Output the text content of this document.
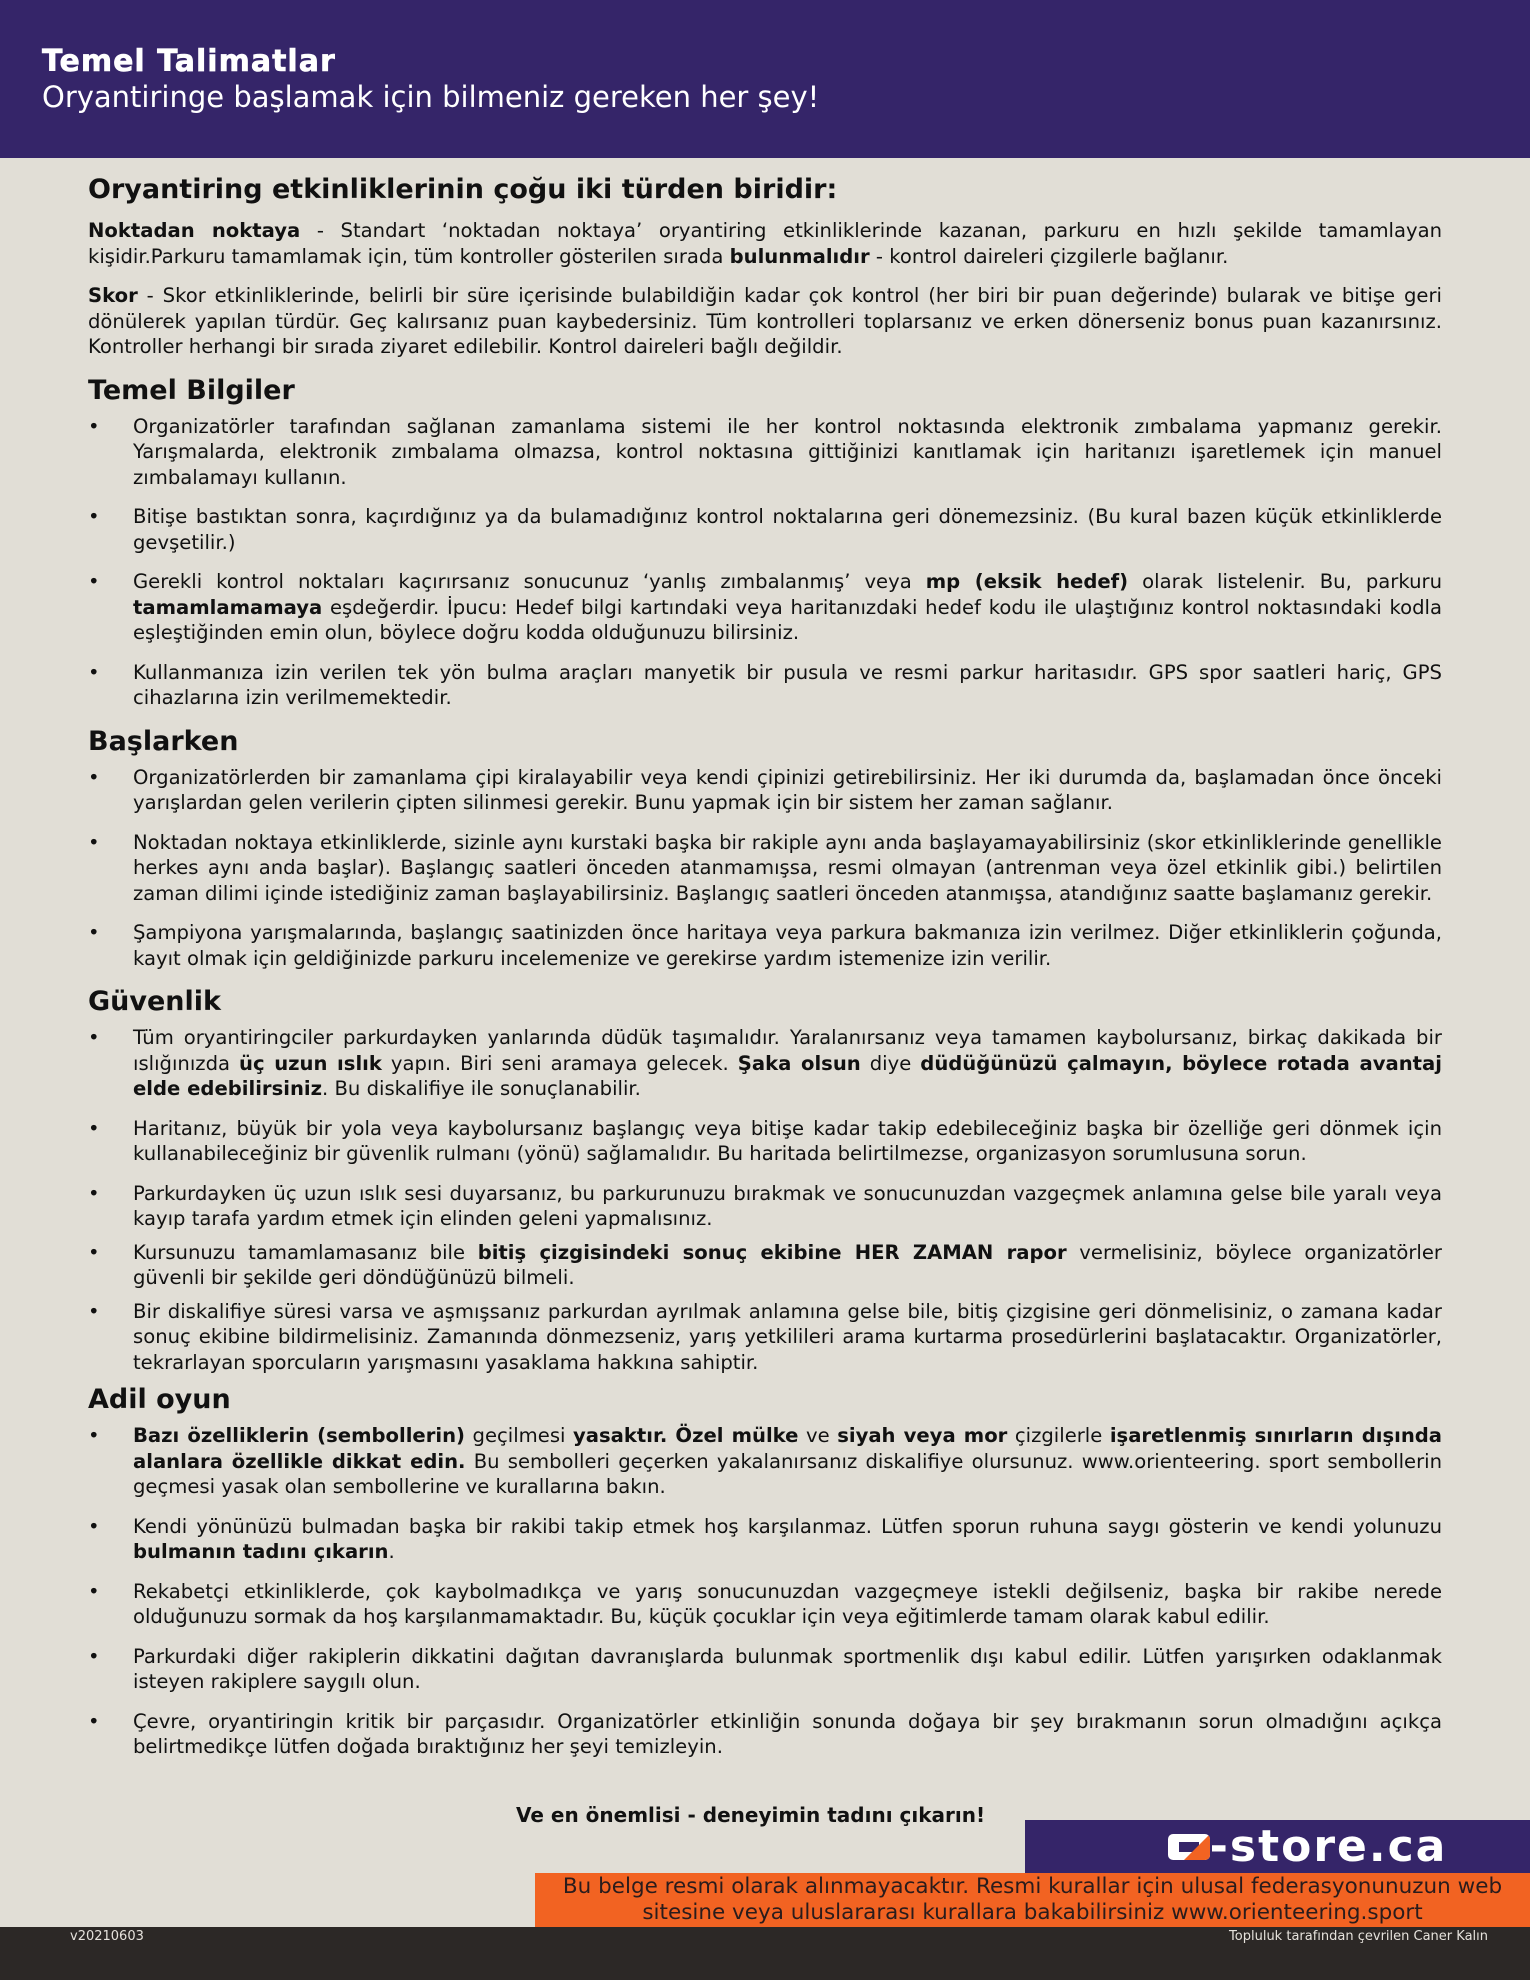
Temel Talimatlar
Oryantiringe başlamak için bilmeniz gereken her şey!
Oryantiring etkinliklerinin çoğu iki türden biridir:

Noktadan noktaya - Standart ‘noktadan noktaya’ oryantiring etkinliklerinde kazanan, parkuru en hızlı şekilde tamamlayan kişidir.Parkuru tamamlamak için, tüm kontroller gösterilen sırada bulunmalıdır - kontrol daireleri çizgilerle bağlanır.

Skor - Skor etkinliklerinde, belirli bir süre içerisinde bulabildiğin kadar çok kontrol (her biri bir puan değerinde) bularak ve bitişe geri dönülerek yapılan türdür. Geç kalırsanız puan kaybedersiniz. Tüm kontrolleri toplarsanız ve erken dönerseniz bonus puan kazanırsınız. Kontroller herhangi bir sırada ziyaret edilebilir. Kontrol daireleri bağlı değildir.

Temel Bilgiler
• Organizatörler tarafından sağlanan zamanlama sistemi ile her kontrol noktasında elektronik zımbalama yapmanız gerekir. Yarışmalarda, elektronik zımbalama olmazsa, kontrol noktasına gittiğinizi kanıtlamak için haritanızı işaretlemek için manuel zımbalamayı kullanın.
• Bitişe bastıktan sonra, kaçırdığınız ya da bulamadığınız kontrol noktalarına geri dönemezsiniz. (Bu kural bazen küçük etkinliklerde gevşetilir.)
• Gerekli kontrol noktaları kaçırırsanız sonucunuz ‘yanlış zımbalanmış’ veya mp (eksik hedef) olarak listelenir. Bu, parkuru tamamlamamaya eşdeğerdir. İpucu: Hedef bilgi kartındaki veya haritanızdaki hedef kodu ile ulaştığınız kontrol noktasındaki kodla eşleştiğinden emin olun, böylece doğru kodda olduğunuzu bilirsiniz.
• Kullanmanıza izin verilen tek yön bulma araçları manyetik bir pusula ve resmi parkur haritasıdır. GPS spor saatleri hariç, GPS cihazlarına izin verilmemektedir.
Başlarken
• Organizatörlerden bir zamanlama çipi kiralayabilir veya kendi çipinizi getirebilirsiniz. Her iki durumda da, başlamadan önce önceki yarışlardan gelen verilerin çipten silinmesi gerekir. Bunu yapmak için bir sistem her zaman sağlanır.
• Noktadan noktaya etkinliklerde, sizinle aynı kurstaki başka bir rakiple aynı anda başlayamayabilirsiniz (skor etkinliklerinde genellikle herkes aynı anda başlar). Başlangıç saatleri önceden atanmamışsa, resmi olmayan (antrenman veya özel etkinlik gibi.) belirtilen zaman dilimi içinde istediğiniz zaman başlayabilirsiniz. Başlangıç saatleri önceden atanmışsa, atandığınız saatte başlamanız gerekir.
• Şampiyona yarışmalarında, başlangıç saatinizden önce haritaya veya parkura bakmanıza izin verilmez. Diğer etkinliklerin çoğunda, kayıt olmak için geldiğinizde parkuru incelemenize ve gerekirse yardım istemenize izin verilir.
Güvenlik
• Tüm oryantiringciler parkurdayken yanlarında düdük taşımalıdır. Yaralanırsanız veya tamamen kaybolursanız, birkaç dakikada bir ıslığınızda üç uzun ıslık yapın. Biri seni aramaya gelecek. Şaka olsun diye düdüğünüzü çalmayın, böylece rotada avantaj elde edebilirsiniz. Bu diskalifiye ile sonuçlanabilir.
• Haritanız, büyük bir yola veya kaybolursanız başlangıç veya bitişe kadar takip edebileceğiniz başka bir özelliğe geri dönmek için kullanabileceğiniz bir güvenlik rulmanı (yönü) sağlamalıdır. Bu haritada belirtilmezse, organizasyon sorumlusuna sorun.
• Parkurdayken üç uzun ıslık sesi duyarsanız, bu parkurunuzu bırakmak ve sonucunuzdan vazgeçmek anlamına gelse bile yaralı veya kayıp tarafa yardım etmek için elinden geleni yapmalısınız.
• Kursunuzu tamamlamasanız bile bitiş çizgisindeki sonuç ekibine HER ZAMAN rapor vermelisiniz, böylece organizatörler güvenli bir şekilde geri döndüğünüzü bilmeli.
• Bir diskalifiye süresi varsa ve aşmışsanız parkurdan ayrılmak anlamına gelse bile, bitiş çizgisine geri dönmelisiniz, o zamana kadar sonuç ekibine bildirmelisiniz. Zamanında dönmezseniz, yarış yetkilileri arama kurtarma prosedürlerini başlatacaktır. Organizatörler, tekrarlayan sporcuların yarışmasını yasaklama hakkına sahiptir.
Adil oyun
• Bazı özelliklerin (sembollerin) geçilmesi yasaktır. Özel mülke ve siyah veya mor çizgilerle işaretlenmiş sınırların dışında alanlara özellikle dikkat edin. Bu sembolleri geçerken yakalanırsanız diskalifiye olursunuz. www.orienteering. sport sembollerin geçmesi yasak olan sembollerine ve kurallarına bakın.
• Kendi yönünüzü bulmadan başka bir rakibi takip etmek hoş karşılanmaz. Lütfen sporun ruhuna saygı gösterin ve kendi yolunuzu bulmanın tadını çıkarın.
• Rekabetçi etkinliklerde, çok kaybolmadıkça ve yarış sonucunuzdan vazgeçmeye istekli değilseniz, başka bir rakibe nerede olduğunuzu sormak da hoş karşılanmamaktadır. Bu, küçük çocuklar için veya eğitimlerde tamam olarak kabul edilir.
• Parkurdaki diğer rakiplerin dikkatini dağıtan davranışlarda bulunmak sportmenlik dışı kabul edilir. Lütfen yarışırken odaklanmak isteyen rakiplere saygılı olun.
• Çevre, oryantiringin kritik bir parçasıdır. Organizatörler etkinliğin sonunda doğaya bir şey bırakmanın sorun olmadığını açıkça belirtmedikçe lütfen doğada bıraktığınız her şeyi temizleyin.
Ve en önemlisi - deneyimin tadını çıkarın!
-store.ca
Bu belge resmi olarak alınmayacaktır. Resmi kurallar için ulusal federasyonunuzun web sitesine veya uluslararası kurallara bakabilirsiniz www.orienteering.sport
v20210603	Topluluk tarafından çevrilen Caner Kalın
